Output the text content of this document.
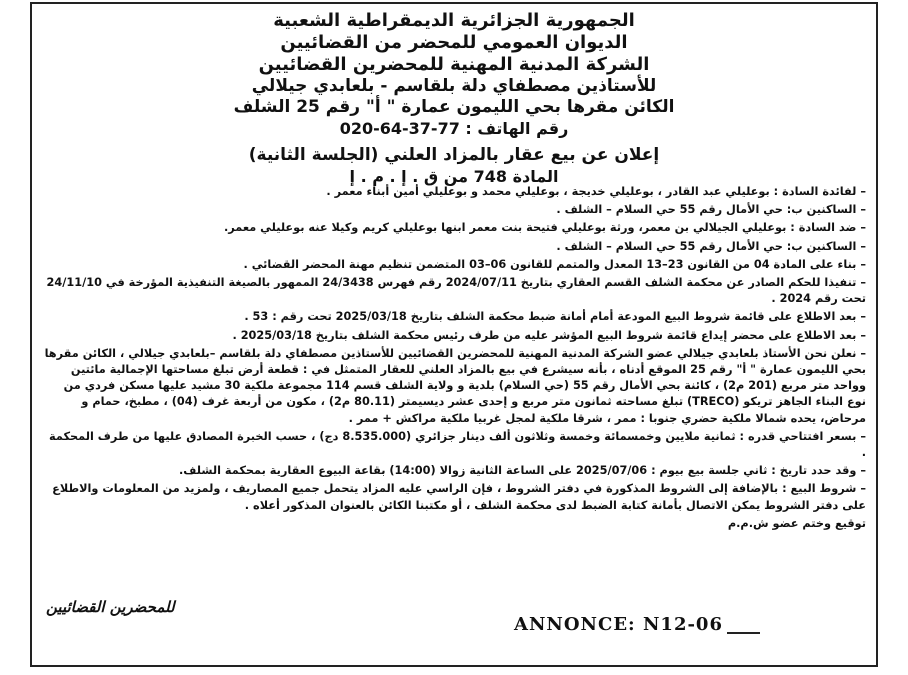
الجمهورية الجزائرية الديمقراطية الشعبية
الديوان العمومي للمحضر من القضائيين
الشركة المدنية المهنية للمحضرين القضائيين
للأستاذين مصطفاي دلة بلقاسم - بلعابدي جيلالي
الكائن مقرها بحي الليمون عمارة " أ" رقم 25 الشلف
رقم الهاتف : 77-37-64-020
إعلان عن بيع عقار بالمزاد العلني (الجلسة الثانية)
المادة 748 من ق . إ . م . إ

– لفائدة السادة : بوعليلي عبد القادر ، بوعليلي خديجة ، بوعليلي محمد و بوعليلي أمين أبناء معمر .

– الساكنين ب: حي الأمال رقم 55 حي السلام – الشلف .

– ضد السادة : بوعليلي الجيلالي بن معمر، ورثة بوعليلي فتيحة بنت معمر ابنها بوعليلي كريم وكيلا عنه بوعليلي معمر.

– الساكنين ب: حي الأمال رقم 55 حي السلام – الشلف .

– بناء على المادة 04 من القانون 23–13 المعدل والمتمم للقانون 06–03 المتضمن تنظيم مهنة المحضر القضائي .

– تنفيذا للحكم الصادر عن محكمة الشلف القسم العقاري بتاريخ 2024/07/11 رقم فهرس 24/3438 الممهور بالصيغة التنفيذية المؤرخة في 24/11/10 تحت رقم 2024 .

– بعد الاطلاع على قائمة شروط البيع المودعة أمام أمانة ضبط محكمة الشلف بتاريخ 2025/03/18 تحت رقم : 53 .

– بعد الاطلاع على محضر إيداع قائمة شروط البيع المؤشر عليه من طرف رئيس محكمة الشلف بتاريخ 2025/03/18 .

– نعلن نحن الأستاذ بلعابدي جيلالي عضو الشركة المدنية المهنية للمحضرين القضائيين للأستاذين مصطفاي دلة بلقاسم –بلعابدي جيلالي ، الكائن مقرها بحي الليمون عمارة " أ" رقم 25 الموقع أدناه ، بأنه سيشرع في بيع بالمزاد العلني للعقار المتمثل في : قطعة أرض تبلغ مساحتها الإجمالية مائتين وواحد متر مربع (201 م2) ، كائنة بحي الأمال رقم 55 (حي السلام) بلدية و ولاية الشلف قسم 114 مجموعة ملكية 30 مشيد عليها مسكن فردي من نوع البناء الجاهز تريكو (TRECO) تبلغ مساحته ثمانون متر مربع و إحدى عشر ديسيمتر (80.11 م2) ، مكون من أربعة غرف (04) ، مطبخ، حمام و مرحاض، يحده شمالا ملكية حضري جنوبا : ممر ، شرقا ملكية لمجل غربيا ملكية مراكش + ممر .

– بسعر افتتاحي قدره : ثمانية ملايين وخمسمائة وخمسة وثلاثون ألف دينار جزائري (8.535.000 دج) ، حسب الخبرة المصادق عليها من طرف المحكمة .

– وقد حدد تاريخ : ثاني جلسة بيع بيوم : 2025/07/06 على الساعة الثانية زوالا (14:00) بقاعة البيوع العقارية بمحكمة الشلف.

– شروط البيع : بالإضافة إلى الشروط المذكورة في دفتر الشروط ، فإن الراسي عليه المزاد يتحمل جميع المصاريف ، ولمزيد من المعلومات والاطلاع على دفتر الشروط يمكن الاتصال بأمانة كتابة الضبط لدى محكمة الشلف ، أو مكتبنا الكائن بالعنوان المذكور أعلاه .

توقيع وختم عضو ش.م.م

للمحضرين القضائيين
ANNONCE: N12-06
